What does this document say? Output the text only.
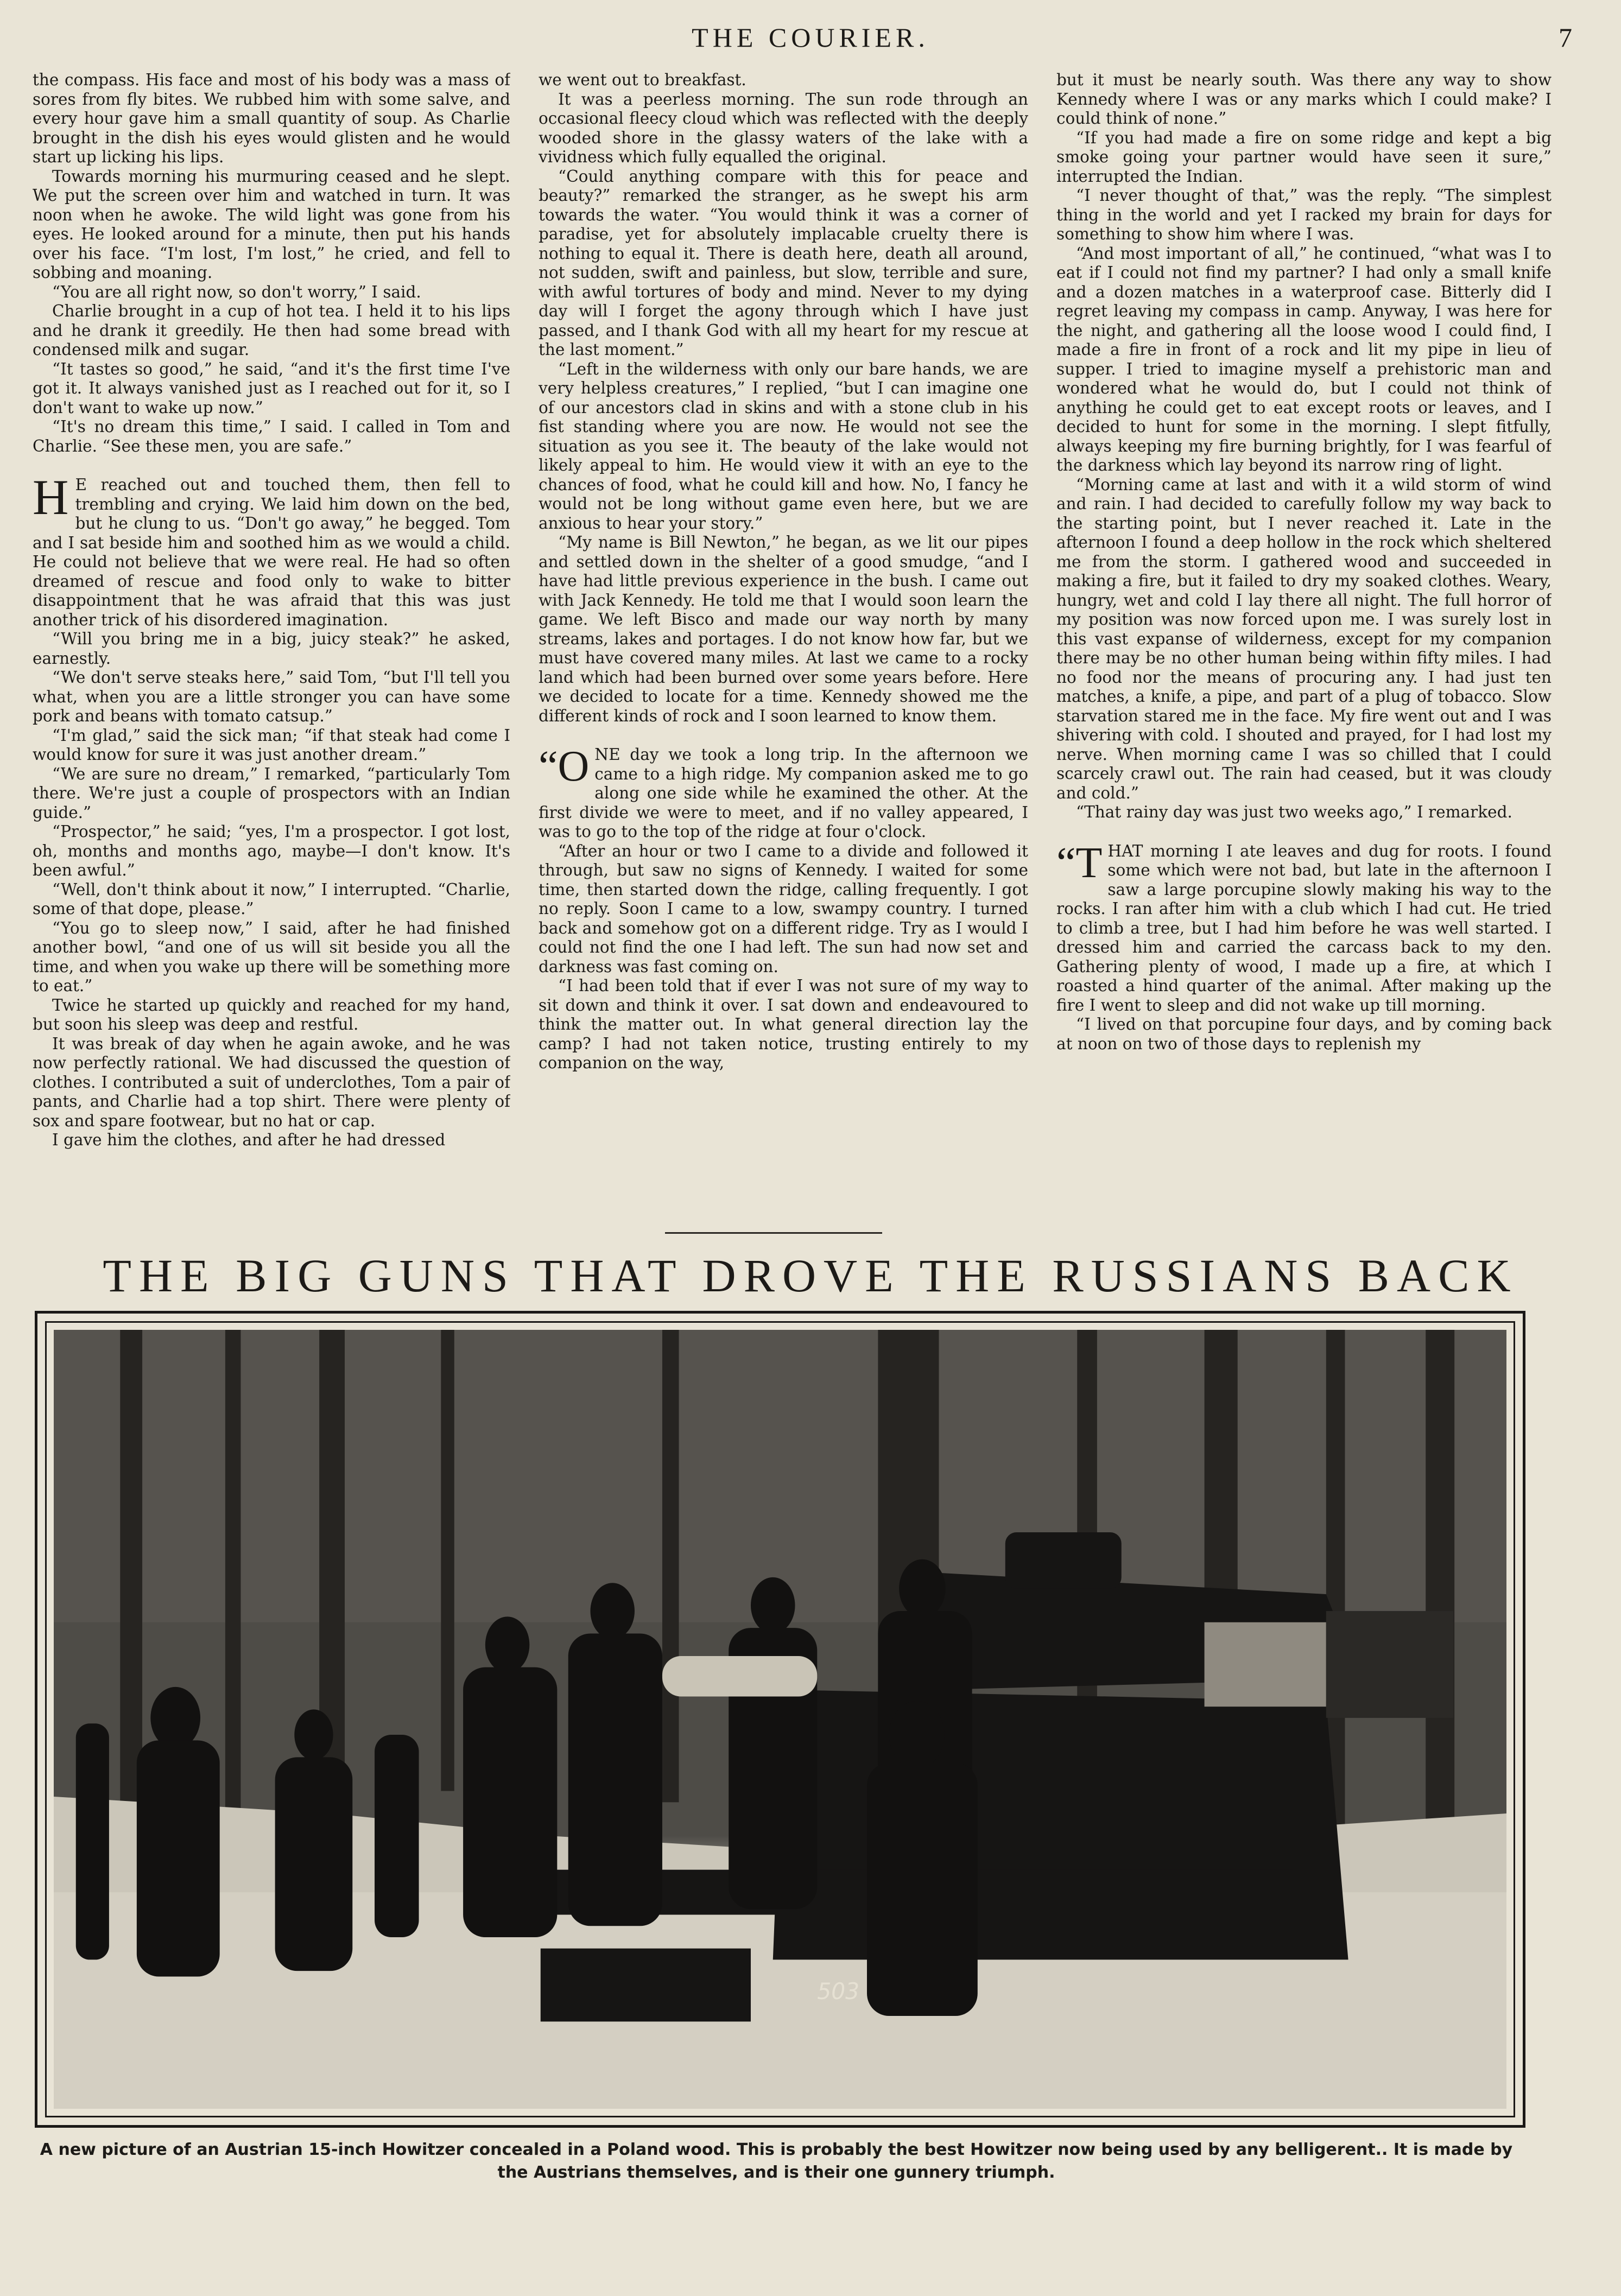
THE COURIER.	7

the compass. His face and most of his body was a mass of sores from fly bites. We rubbed him with some salve, and every hour gave him a small quantity of soup. As Charlie brought in the dish his eyes would glisten and he would start up licking his lips.

Towards morning his murmuring ceased and he slept. We put the screen over him and watched in turn. It was noon when he awoke. The wild light was gone from his eyes. He looked around for a minute, then put his hands over his face. “I'm lost, I'm lost,” he cried, and fell to sobbing and moaning.

“You are all right now, so don't worry,” I said.

Charlie brought in a cup of hot tea. I held it to his lips and he drank it greedily. He then had some bread with condensed milk and sugar.

“It tastes so good,” he said, “and it's the first time I've got it. It always vanished just as I reached out for it, so I don't want to wake up now.”

“It's no dream this time,” I said. I called in Tom and Charlie. “See these men, you are safe.”

H E reached out and touched them, then fell to trembling and crying. We laid him down on the bed, but he clung to us. “Don't go away,” he begged. Tom and I sat beside him and soothed him as we would a child. He could not believe that we were real. He had so often dreamed of rescue and food only to wake to bitter disappointment that he was afraid that this was just another trick of his disordered imagination.

“Will you bring me in a big, juicy steak?” he asked, earnestly.

“We don't serve steaks here,” said Tom, “but I'll tell you what, when you are a little stronger you can have some pork and beans with tomato catsup.”

“I'm glad,” said the sick man; “if that steak had come I would know for sure it was just another dream.”

“We are sure no dream,” I remarked, “particularly Tom there. We're just a couple of prospectors with an Indian guide.”

“Prospector,” he said; “yes, I'm a prospector. I got lost, oh, months and months ago, maybe—I don't know. It's been awful.”

“Well, don't think about it now,” I interrupted. “Charlie, some of that dope, please.”

“You go to sleep now,” I said, after he had finished another bowl, “and one of us will sit beside you all the time, and when you wake up there will be something more to eat.”

Twice he started up quickly and reached for my hand, but soon his sleep was deep and restful.

It was break of day when he again awoke, and he was now perfectly rational. We had discussed the question of clothes. I contributed a suit of underclothes, Tom a pair of pants, and Charlie had a top shirt. There were plenty of sox and spare footwear, but no hat or cap.

I gave him the clothes, and after he had dressed

we went out to breakfast.

It was a peerless morning. The sun rode through an occasional fleecy cloud which was reflected with the deeply wooded shore in the glassy waters of the lake with a vividness which fully equalled the original.

“Could anything compare with this for peace and beauty?” remarked the stranger, as he swept his arm towards the water. “You would think it was a corner of paradise, yet for absolutely implacable cruelty there is nothing to equal it. There is death here, death all around, not sudden, swift and painless, but slow, terrible and sure, with awful tortures of body and mind. Never to my dying day will I forget the agony through which I have just passed, and I thank God with all my heart for my rescue at the last moment.”

“Left in the wilderness with only our bare hands, we are very helpless creatures,” I replied, “but I can imagine one of our ancestors clad in skins and with a stone club in his fist standing where you are now. He would not see the situation as you see it. The beauty of the lake would not likely appeal to him. He would view it with an eye to the chances of food, what he could kill and how. No, I fancy he would not be long without game even here, but we are anxious to hear your story.”

“My name is Bill Newton,” he began, as we lit our pipes and settled down in the shelter of a good smudge, “and I have had little previous experience in the bush. I came out with Jack Kennedy. He told me that I would soon learn the game. We left Bisco and made our way north by many streams, lakes and portages. I do not know how far, but we must have covered many miles. At last we came to a rocky land which had been burned over some years before. Here we decided to locate for a time. Kennedy showed me the different kinds of rock and I soon learned to know them.

“ONE day we took a long trip. In the afternoon we came to a high ridge. My companion asked me to go along one side while he examined the other. At the first divide we were to meet, and if no valley appeared, I was to go to the top of the ridge at four o'clock.

“After an hour or two I came to a divide and followed it through, but saw no signs of Kennedy. I waited for some time, then started down the ridge, calling frequently. I got no reply. Soon I came to a low, swampy country. I turned back and somehow got on a different ridge. Try as I would I could not find the one I had left. The sun had now set and darkness was fast coming on.

“I had been told that if ever I was not sure of my way to sit down and think it over. I sat down and endeavoured to think the matter out. In what general direction lay the camp? I had not taken notice, trusting entirely to my companion on the way,

but it must be nearly south. Was there any way to show Kennedy where I was or any marks which I could make? I could think of none.”

“If you had made a fire on some ridge and kept a big smoke going your partner would have seen it sure,” interrupted the Indian.

“I never thought of that,” was the reply. “The simplest thing in the world and yet I racked my brain for days for something to show him where I was.

“And most important of all,” he continued, “what was I to eat if I could not find my partner? I had only a small knife and a dozen matches in a waterproof case. Bitterly did I regret leaving my compass in camp. Anyway, I was here for the night, and gathering all the loose wood I could find, I made a fire in front of a rock and lit my pipe in lieu of supper. I tried to imagine myself a prehistoric man and wondered what he would do, but I could not think of anything he could get to eat except roots or leaves, and I decided to hunt for some in the morning. I slept fitfully, always keeping my fire burning brightly, for I was fearful of the darkness which lay beyond its narrow ring of light.

“Morning came at last and with it a wild storm of wind and rain. I had decided to carefully follow my way back to the starting point, but I never reached it. Late in the afternoon I found a deep hollow in the rock which sheltered me from the storm. I gathered wood and succeeded in making a fire, but it failed to dry my soaked clothes. Weary, hungry, wet and cold I lay there all night. The full horror of my position was now forced upon me. I was surely lost in this vast expanse of wilderness, except for my companion there may be no other human being within fifty miles. I had no food nor the means of procuring any. I had just ten matches, a knife, a pipe, and part of a plug of tobacco. Slow starvation stared me in the face. My fire went out and I was shivering with cold. I shouted and prayed, for I had lost my nerve. When morning came I was so chilled that I could scarcely crawl out. The rain had ceased, but it was cloudy and cold.”

“That rainy day was just two weeks ago,” I remarked.

“THAT morning I ate leaves and dug for roots. I found some which were not bad, but late in the afternoon I saw a large porcupine slowly making his way to the rocks. I ran after him with a club which I had cut. He tried to climb a tree, but I had him before he was well started. I dressed him and carried the carcass back to my den. Gathering plenty of wood, I made up a fire, at which I roasted a hind quarter of the animal. After making up the fire I went to sleep and did not wake up till morning.

“I lived on that porcupine four days, and by coming back at noon on two of those days to replenish my

THE BIG GUNS THAT DROVE THE RUSSIANS BACK
503
A new picture of an Austrian 15-inch Howitzer concealed in a Poland wood. This is probably the best Howitzer now being used by any belligerent.. It is made by the Austrians themselves, and is their one gunnery triumph.
